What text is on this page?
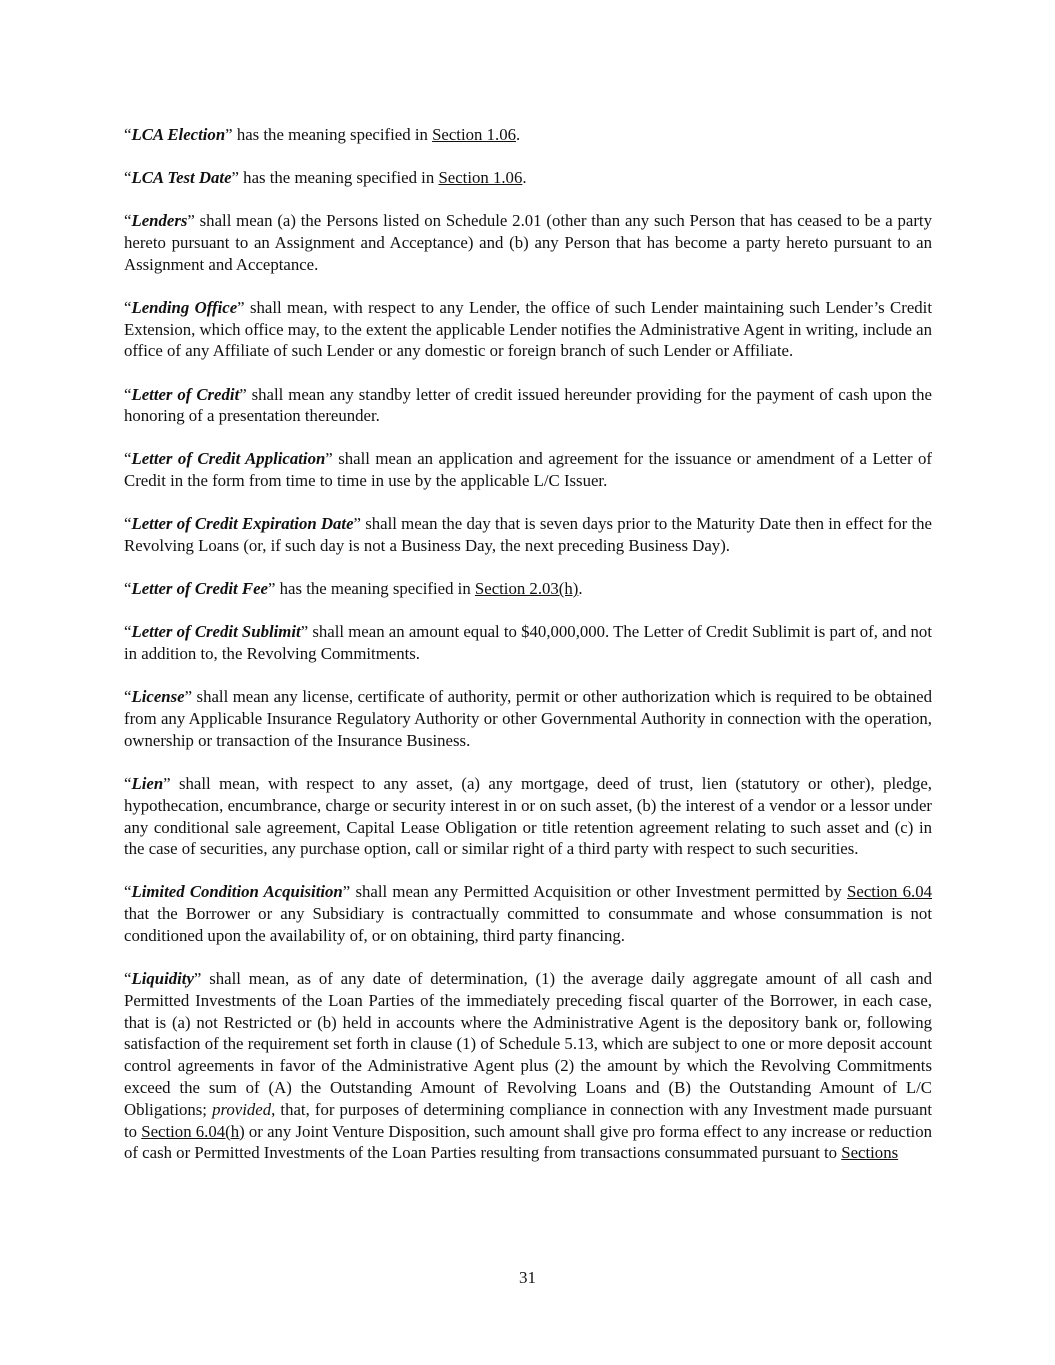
“LCA Election” has the meaning specified in Section 1.06.

“LCA Test Date” has the meaning specified in Section 1.06.

“Lenders” shall mean (a) the Persons listed on Schedule 2.01 (other than any such Person that has ceased to be a party hereto pursuant to an Assignment and Acceptance) and (b) any Person that has become a party hereto pursuant to an Assignment and Acceptance.

“Lending Office” shall mean, with respect to any Lender, the office of such Lender maintaining such Lender’s Credit Extension, which office may, to the extent the applicable Lender notifies the Administrative Agent in writing, include an office of any Affiliate of such Lender or any domestic or foreign branch of such Lender or Affiliate.

“Letter of Credit” shall mean any standby letter of credit issued hereunder providing for the payment of cash upon the honoring of a presentation thereunder.

“Letter of Credit Application” shall mean an application and agreement for the issuance or amendment of a Letter of Credit in the form from time to time in use by the applicable L/C Issuer.

“Letter of Credit Expiration Date” shall mean the day that is seven days prior to the Maturity Date then in effect for the Revolving Loans (or, if such day is not a Business Day, the next preceding Business Day).

“Letter of Credit Fee” has the meaning specified in Section 2.03(h).

“Letter of Credit Sublimit” shall mean an amount equal to $40,000,000. The Letter of Credit Sublimit is part of, and not in addition to, the Revolving Commitments.

“License” shall mean any license, certificate of authority, permit or other authorization which is required to be obtained from any Applicable Insurance Regulatory Authority or other Governmental Authority in connection with the operation, ownership or transaction of the Insurance Business.

“Lien” shall mean, with respect to any asset, (a) any mortgage, deed of trust, lien (statutory or other), pledge, hypothecation, encumbrance, charge or security interest in or on such asset, (b) the interest of a vendor or a lessor under any conditional sale agreement, Capital Lease Obligation or title retention agreement relating to such asset and (c) in the case of securities, any purchase option, call or similar right of a third party with respect to such securities.

“Limited Condition Acquisition” shall mean any Permitted Acquisition or other Investment permitted by Section 6.04 that the Borrower or any Subsidiary is contractually committed to consummate and whose consummation is not conditioned upon the availability of, or on obtaining, third party financing.

“Liquidity” shall mean, as of any date of determination, (1) the average daily aggregate amount of all cash and Permitted Investments of the Loan Parties of the immediately preceding fiscal quarter of the Borrower, in each case, that is (a) not Restricted or (b) held in accounts where the Administrative Agent is the depository bank or, following satisfaction of the requirement set forth in clause (1) of Schedule 5.13, which are subject to one or more deposit account control agreements in favor of the Administrative Agent plus (2) the amount by which the Revolving Commitments exceed the sum of (A) the Outstanding Amount of Revolving Loans and (B) the Outstanding Amount of L/C Obligations; provided, that, for purposes of determining compliance in connection with any Investment made pursuant to Section 6.04(h) or any Joint Venture Disposition, such amount shall give pro forma effect to any increase or reduction of cash or Permitted Investments of the Loan Parties resulting from transactions consummated pursuant to Sections

31
